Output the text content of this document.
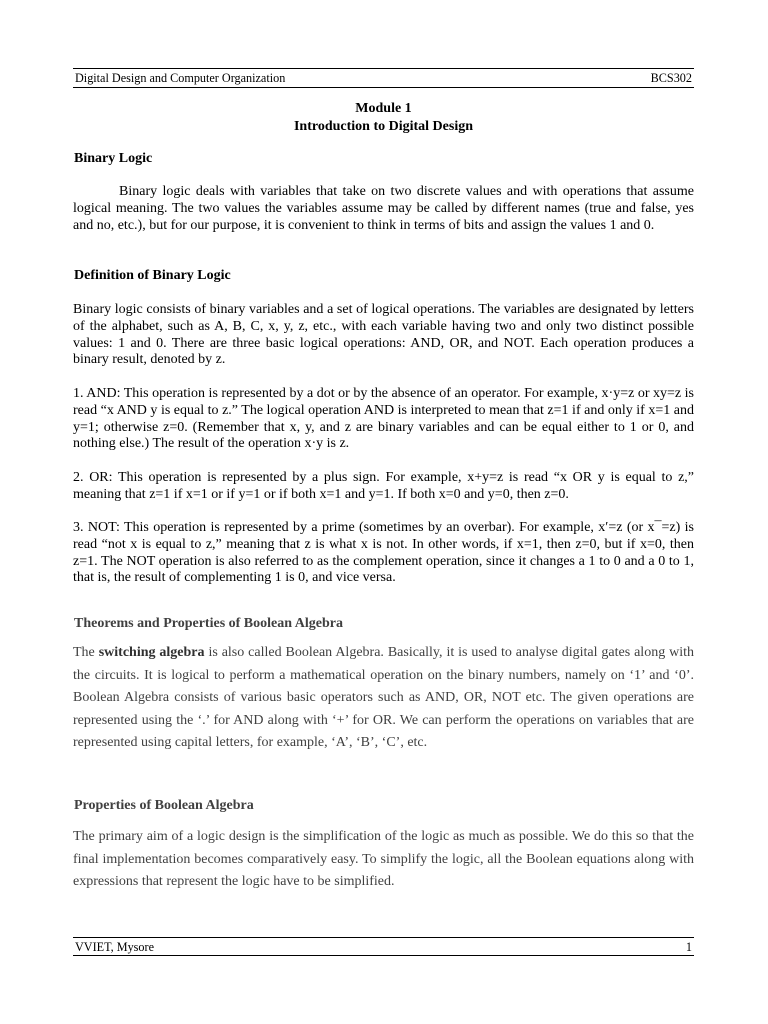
Digital Design and Computer Organization	BCS302
Module 1
Introduction to Digital Design
Binary Logic
Binary logic deals with variables that take on two discrete values and with operations that assume logical meaning. The two values the variables assume may be called by different names (true and false, yes and no, etc.), but for our purpose, it is convenient to think in terms of bits and assign the values 1 and 0.
Definition of Binary Logic
Binary logic consists of binary variables and a set of logical operations. The variables are designated by letters of the alphabet, such as A, B, C, x, y, z, etc., with each variable having two and only two distinct possible values: 1 and 0. There are three basic logical operations: AND, OR, and NOT. Each operation produces a binary result, denoted by z.
1. AND: This operation is represented by a dot or by the absence of an operator. For example, x·y=z or xy=z is read “x AND y is equal to z.” The logical operation AND is interpreted to mean that z=1 if and only if x=1 and y=1; otherwise z=0. (Remember that x, y, and z are binary variables and can be equal either to 1 or 0, and nothing else.) The result of the operation x·y is z.
2. OR: This operation is represented by a plus sign. For example, x+y=z is read “x OR y is equal to z,” meaning that z=1 if x=1 or if y=1 or if both x=1 and y=1. If both x=0 and y=0, then z=0.
3. NOT: This operation is represented by a prime (sometimes by an overbar). For example, x′=z (or x¯=z) is read “not x is equal to z,” meaning that z is what x is not. In other words, if x=1, then z=0, but if x=0, then z=1. The NOT operation is also referred to as the complement operation, since it changes a 1 to 0 and a 0 to 1, that is, the result of complementing 1 is 0, and vice versa.
Theorems and Properties of Boolean Algebra
The switching algebra is also called Boolean Algebra. Basically, it is used to analyse digital gates along with the circuits. It is logical to perform a mathematical operation on the binary numbers, namely on ‘1’ and ‘0’. Boolean Algebra consists of various basic operators such as AND, OR, NOT etc. The given operations are represented using the ‘.’ for AND along with ‘+’ for OR. We can perform the operations on variables that are represented using capital letters, for example, ‘A’, ‘B’, ‘C’, etc.
Properties of Boolean Algebra
The primary aim of a logic design is the simplification of the logic as much as possible. We do this so that the final implementation becomes comparatively easy. To simplify the logic, all the Boolean equations along with expressions that represent the logic have to be simplified.
VVIET, Mysore	1
